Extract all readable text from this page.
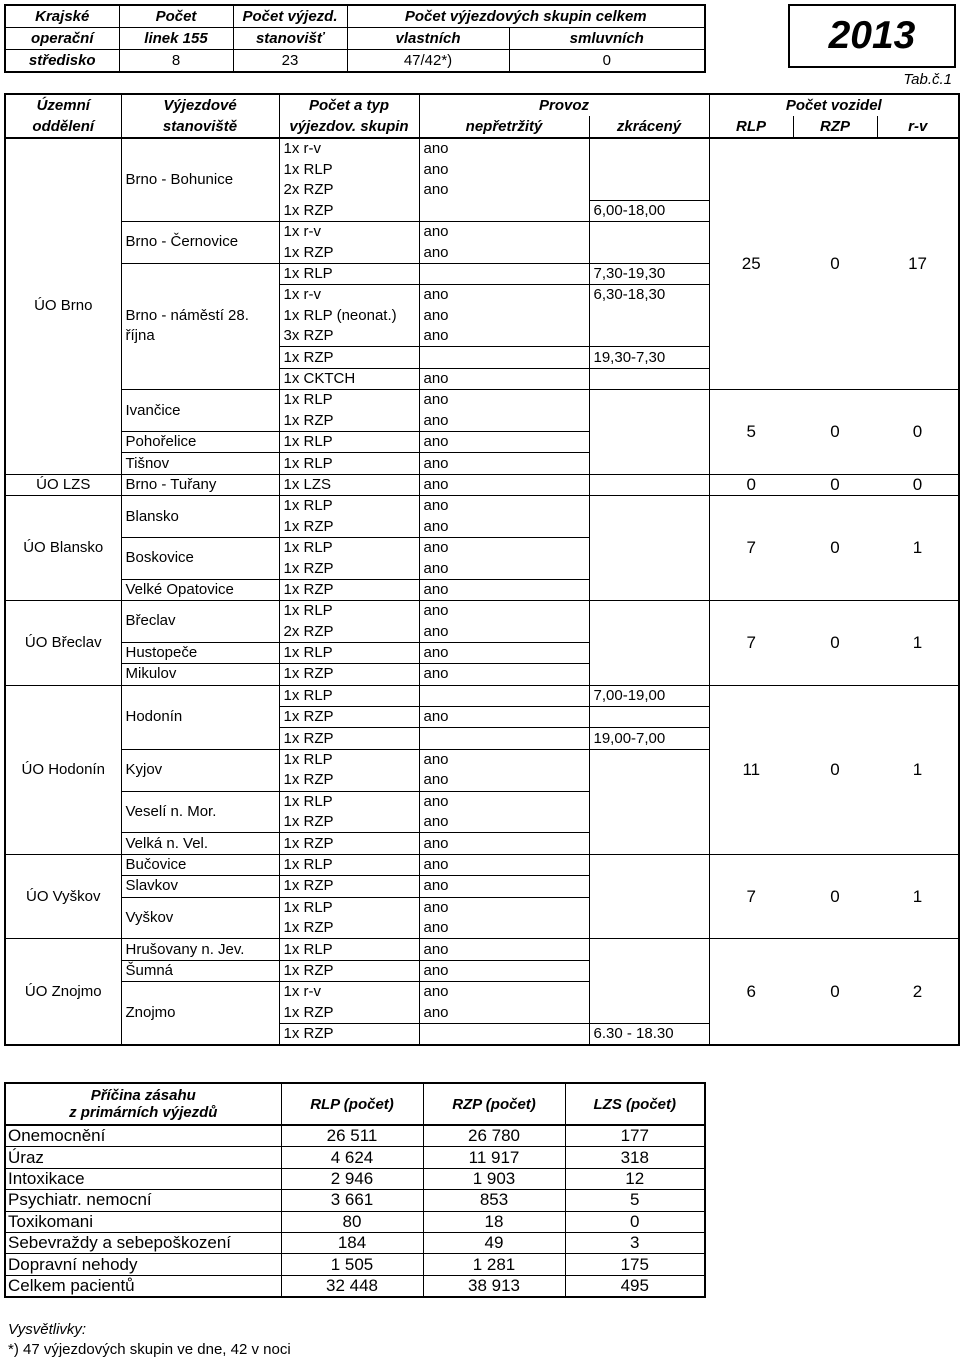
Krajské	Počet	Počet výjezd.	Počet výjezdových skupin celkem	
operační	linek 155	stanovišť	vlastních	smluvních
středisko	8	23	47/42*)	0
2013
Tab.č.1
Územní	Výjezdové	Počet a typ	Provoz		Počet vozidel		
oddělení	stanoviště	výjezdov. skupin	nepřetržitý	zkrácený	RLP	RZP	r-v
ÚO Brno	Brno - Bohunice	1x r-v	ano		25	0	17
		1x RLP	ano				
		2x RZP	ano				
		1x RZP		6,00-18,00			
	Brno - Černovice	1x r-v	ano				
		1x RZP	ano				
	Brno - náměstí 28. října	1x RLP		7,30-19,30			
		1x r-v	ano	6,30-18,30			
		1x RLP (neonat.)	ano				
		3x RZP	ano				
		1x RZP		19,30-7,30			
		1x CKTCH	ano				
	Ivančice	1x RLP	ano		5	0	0
		1x RZP	ano				
	Pohořelice	1x RLP	ano				
	Tišnov	1x RLP	ano				
ÚO LZS	Brno - Tuřany	1x LZS	ano		0	0	0
ÚO Blansko	Blansko	1x RLP	ano		7	0	1
		1x RZP	ano				
	Boskovice	1x RLP	ano				
		1x RZP	ano				
	Velké Opatovice	1x RZP	ano				
ÚO Břeclav	Břeclav	1x RLP	ano		7	0	1
		2x RZP	ano				
	Hustopeče	1x RLP	ano				
	Mikulov	1x RZP	ano				
ÚO Hodonín	Hodonín	1x RLP		7,00-19,00	11	0	1
		1x RZP	ano				
		1x RZP		19,00-7,00			
	Kyjov	1x RLP	ano				
		1x RZP	ano				
	Veselí n. Mor.	1x RLP	ano				
		1x RZP	ano				
	Velká n. Vel.	1x RZP	ano				
ÚO Vyškov	Bučovice	1x RLP	ano		7	0	1
	Slavkov	1x RZP	ano				
	Vyškov	1x RLP	ano				
		1x RZP	ano				
ÚO Znojmo	Hrušovany n. Jev.	1x RLP	ano		6	0	2
	Šumná	1x RZP	ano				
	Znojmo	1x r-v	ano				
		1x RZP	ano				
		1x RZP		6.30 - 18.30			
Příčina zásahu
z primárních výjezdů	RLP (počet)	RZP (počet)	LZS (počet)
Onemocnění	26 511	26 780	177
Úraz	4 624	11 917	318
Intoxikace	2 946	1 903	12
Psychiatr. nemocní	3 661	853	5
Toxikomani	80	18	0
Sebevraždy a sebepoškození	184	49	3
Dopravní nehody	1 505	1 281	175
Celkem pacientů	32 448	38 913	495
Vysvětlivky:
*) 47 výjezdových skupin ve dne, 42 v noci
